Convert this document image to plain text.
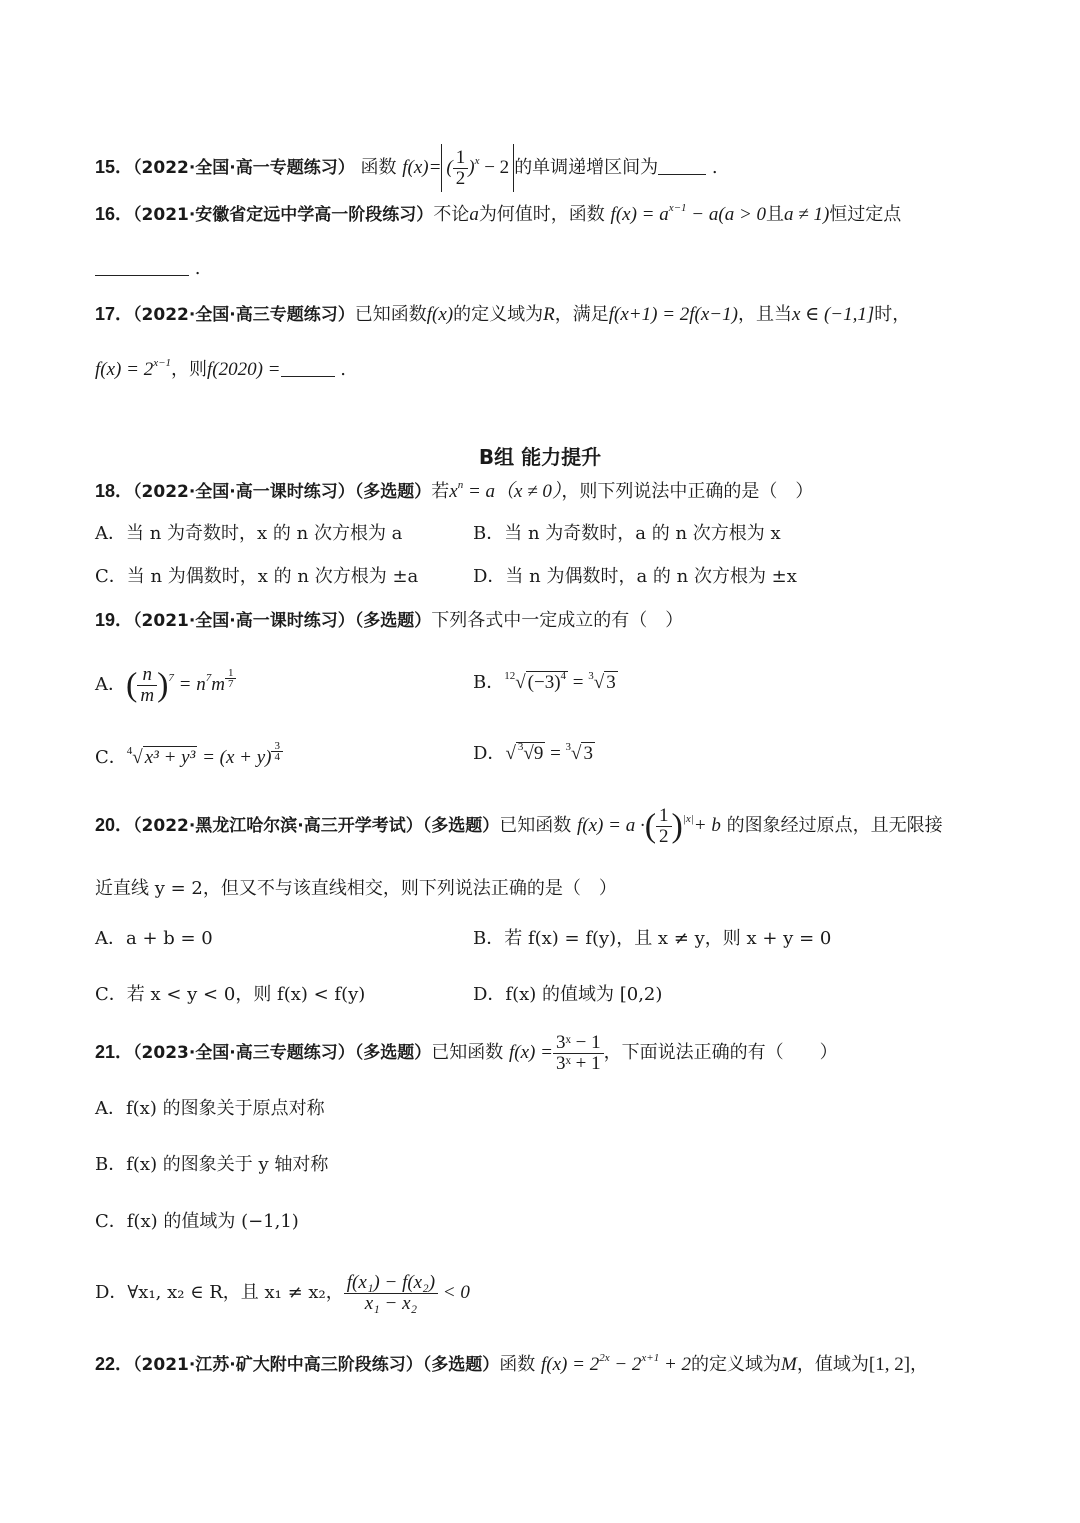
15．（2022·全国·高一专题练习） 函数 f(x)= ( $\frac{1}{2} )^x - 2$ 的单调递增区间为	.
16．（2021·安徽省定远中学高一阶段练习）不论a为何值时，函数 $f(x) = a^{x-1} - a(a > 0$且a ≠ 1)恒过定点
.
17．（2022·全国·高三专题练习）已知函数f(x)的定义域为R，满足f(x+1) = 2f(x−1)，且当x ∈ (−1,1]时，
$f(x) = 2^{x-1}$，则f(2020) =	.
B组 能力提升
18．（2022·全国·高一课时练习）（多选题）若$x^n = a(x \ne 0)$，则下列说法中正确的是（　）
A．当 n 为奇数时，x 的 n 次方根为 a	B．当 n 为奇数时，a 的 n 次方根为 x
C．当 n 为偶数时，x 的 n 次方根为 ±a	D．当 n 为偶数时，a 的 n 次方根为 ±x
19．（2021·全国·高一课时练习）（多选题）下列各式中一定成立的有（　）
A．( $\frac{n}{m} )^7 = n^7m$ $^{\frac{1}{7}}$	B．$^{12}$√ $(-3)^4 = ^3√$ 3
C．$^4$√ x³ + y³ = (x + y) $^{\frac{3}{4}}$	D．√ $^3$√9 = $^3$√ 3
20．（2022·黑龙江哈尔滨·高三开学考试）（多选题）已知函数 f(x) = a ·( $\frac{1}{2} )^{|x|}+ b$ 的图象经过原点，且无限接
近直线 y = 2，但又不与该直线相交，则下列说法正确的是（　）
A．a + b = 0	B．若 f(x) = f(y)，且 x ≠ y，则 x + y = 0
C．若 x < y < 0，则 f(x) < f(y)	D．f(x) 的值域为 [0,2)
21．（2023·全国·高三专题练习）（多选题）已知函数 $f(x) = \frac{\text{3ˣ − 1}}{\text{3ˣ + 1}}$ ，下面说法正确的有（　　）
A．f(x) 的图象关于原点对称
B．f(x) 的图象关于 y 轴对称
C．f(x) 的值域为 (−1,1)
D．∀x₁, x₂ ∈ R，且 x₁ ≠ x₂， $\frac{\text{f(x₁) − f(x₂)}}{\text{x₁ − x₂}} < 0$
22．（2021·江苏·矿大附中高三阶段练习）（多选题）函数 $f(x) = 2^{2x} - 2^{x+1} + 2$的定义域为M，值域为[1, 2]，
